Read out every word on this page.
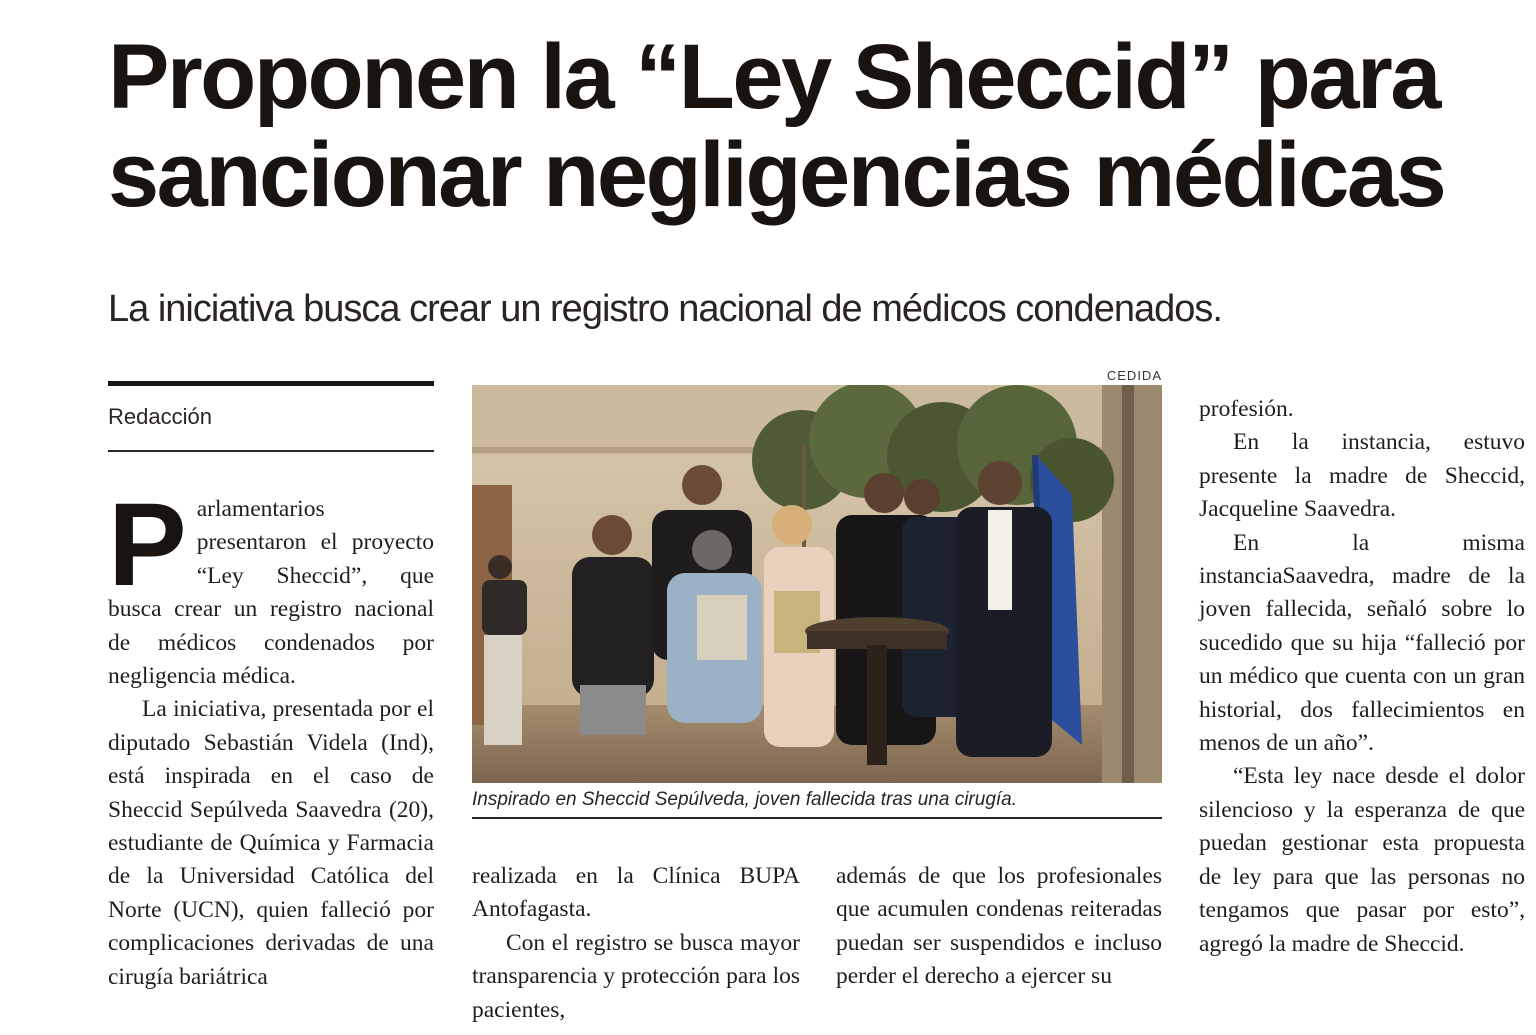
Proponen la “Ley Sheccid” para
sancionar negligencias médicas
La iniciativa busca crear un registro nacional de médicos condenados.
Redacción

Parlamentarios presentaron el proyecto “Ley Sheccid”, que busca crear un registro nacional de médicos condenados por negligencia médica.

La iniciativa, presentada por el diputado Sebastián Videla (Ind), está inspirada en el caso de Sheccid Sepúlveda Saavedra (20), estudiante de Química y Farmacia de la Universidad Católica del Norte (UCN), quien falleció por complicaciones derivadas de una cirugía bariátrica

CEDIDA
Inspirado en Sheccid Sepúlveda, joven fallecida tras una cirugía.

realizada en la Clínica BUPA Antofagasta.

Con el registro se busca mayor transparencia y protección para los pacientes,

además de que los profesionales que acumulen condenas reiteradas puedan ser suspendidos e incluso perder el derecho a ejercer su

profesión.

En la instancia, estuvo presente la madre de Sheccid, Jacqueline Saavedra.

En la misma instanciaSaavedra, madre de la joven fallecida, señaló sobre lo sucedido que su hija “falleció por un médico que cuenta con un gran historial, dos fallecimientos en menos de un año”.

“Esta ley nace desde el dolor silencioso y la esperanza de que puedan gestionar esta propuesta de ley para que las personas no tengamos que pasar por esto”, agregó la madre de Sheccid.
